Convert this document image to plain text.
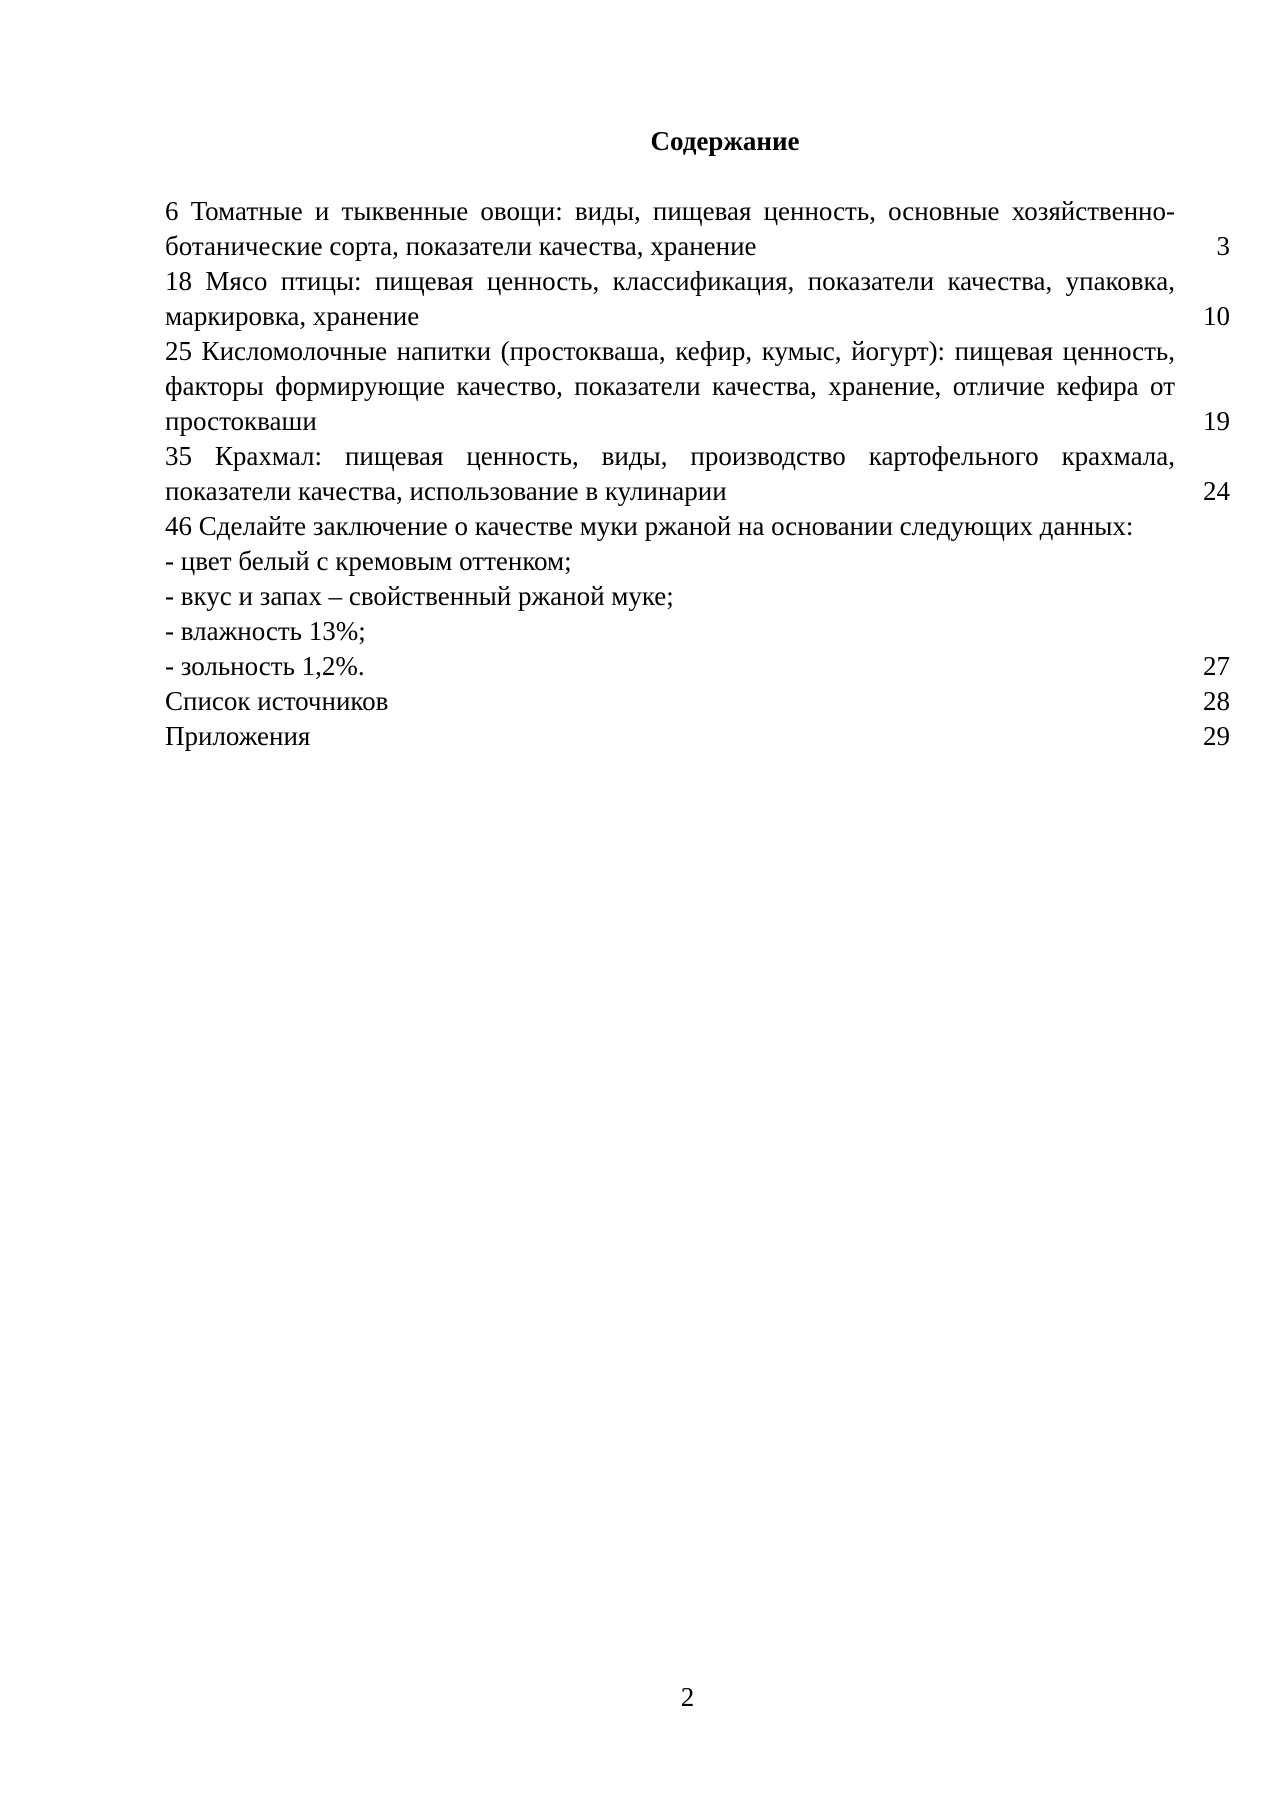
Содержание
6 Томатные и тыквенные овощи: виды, пищевая ценность, основные хозяйственно-ботанические сорта, показатели качества, хранение	3
18 Мясо птицы: пищевая ценность, классификация, показатели качества, упаковка, маркировка, хранение	10
25 Кисломолочные напитки (простокваша, кефир, кумыс, йогурт): пищевая ценность, факторы формирующие качество, показатели качества, хранение, отличие кефира от простокваши	19
35 Крахмал: пищевая ценность, виды, производство картофельного крахмала, показатели качества, использование в кулинарии	24
46 Сделайте заключение о качестве муки ржаной на основании следующих данных:
- цвет белый с кремовым оттенком;
- вкус и запах – свойственный ржаной муке;
- влажность 13%;
- зольность 1,2%.	27
Список источников	28
Приложения	29
2
